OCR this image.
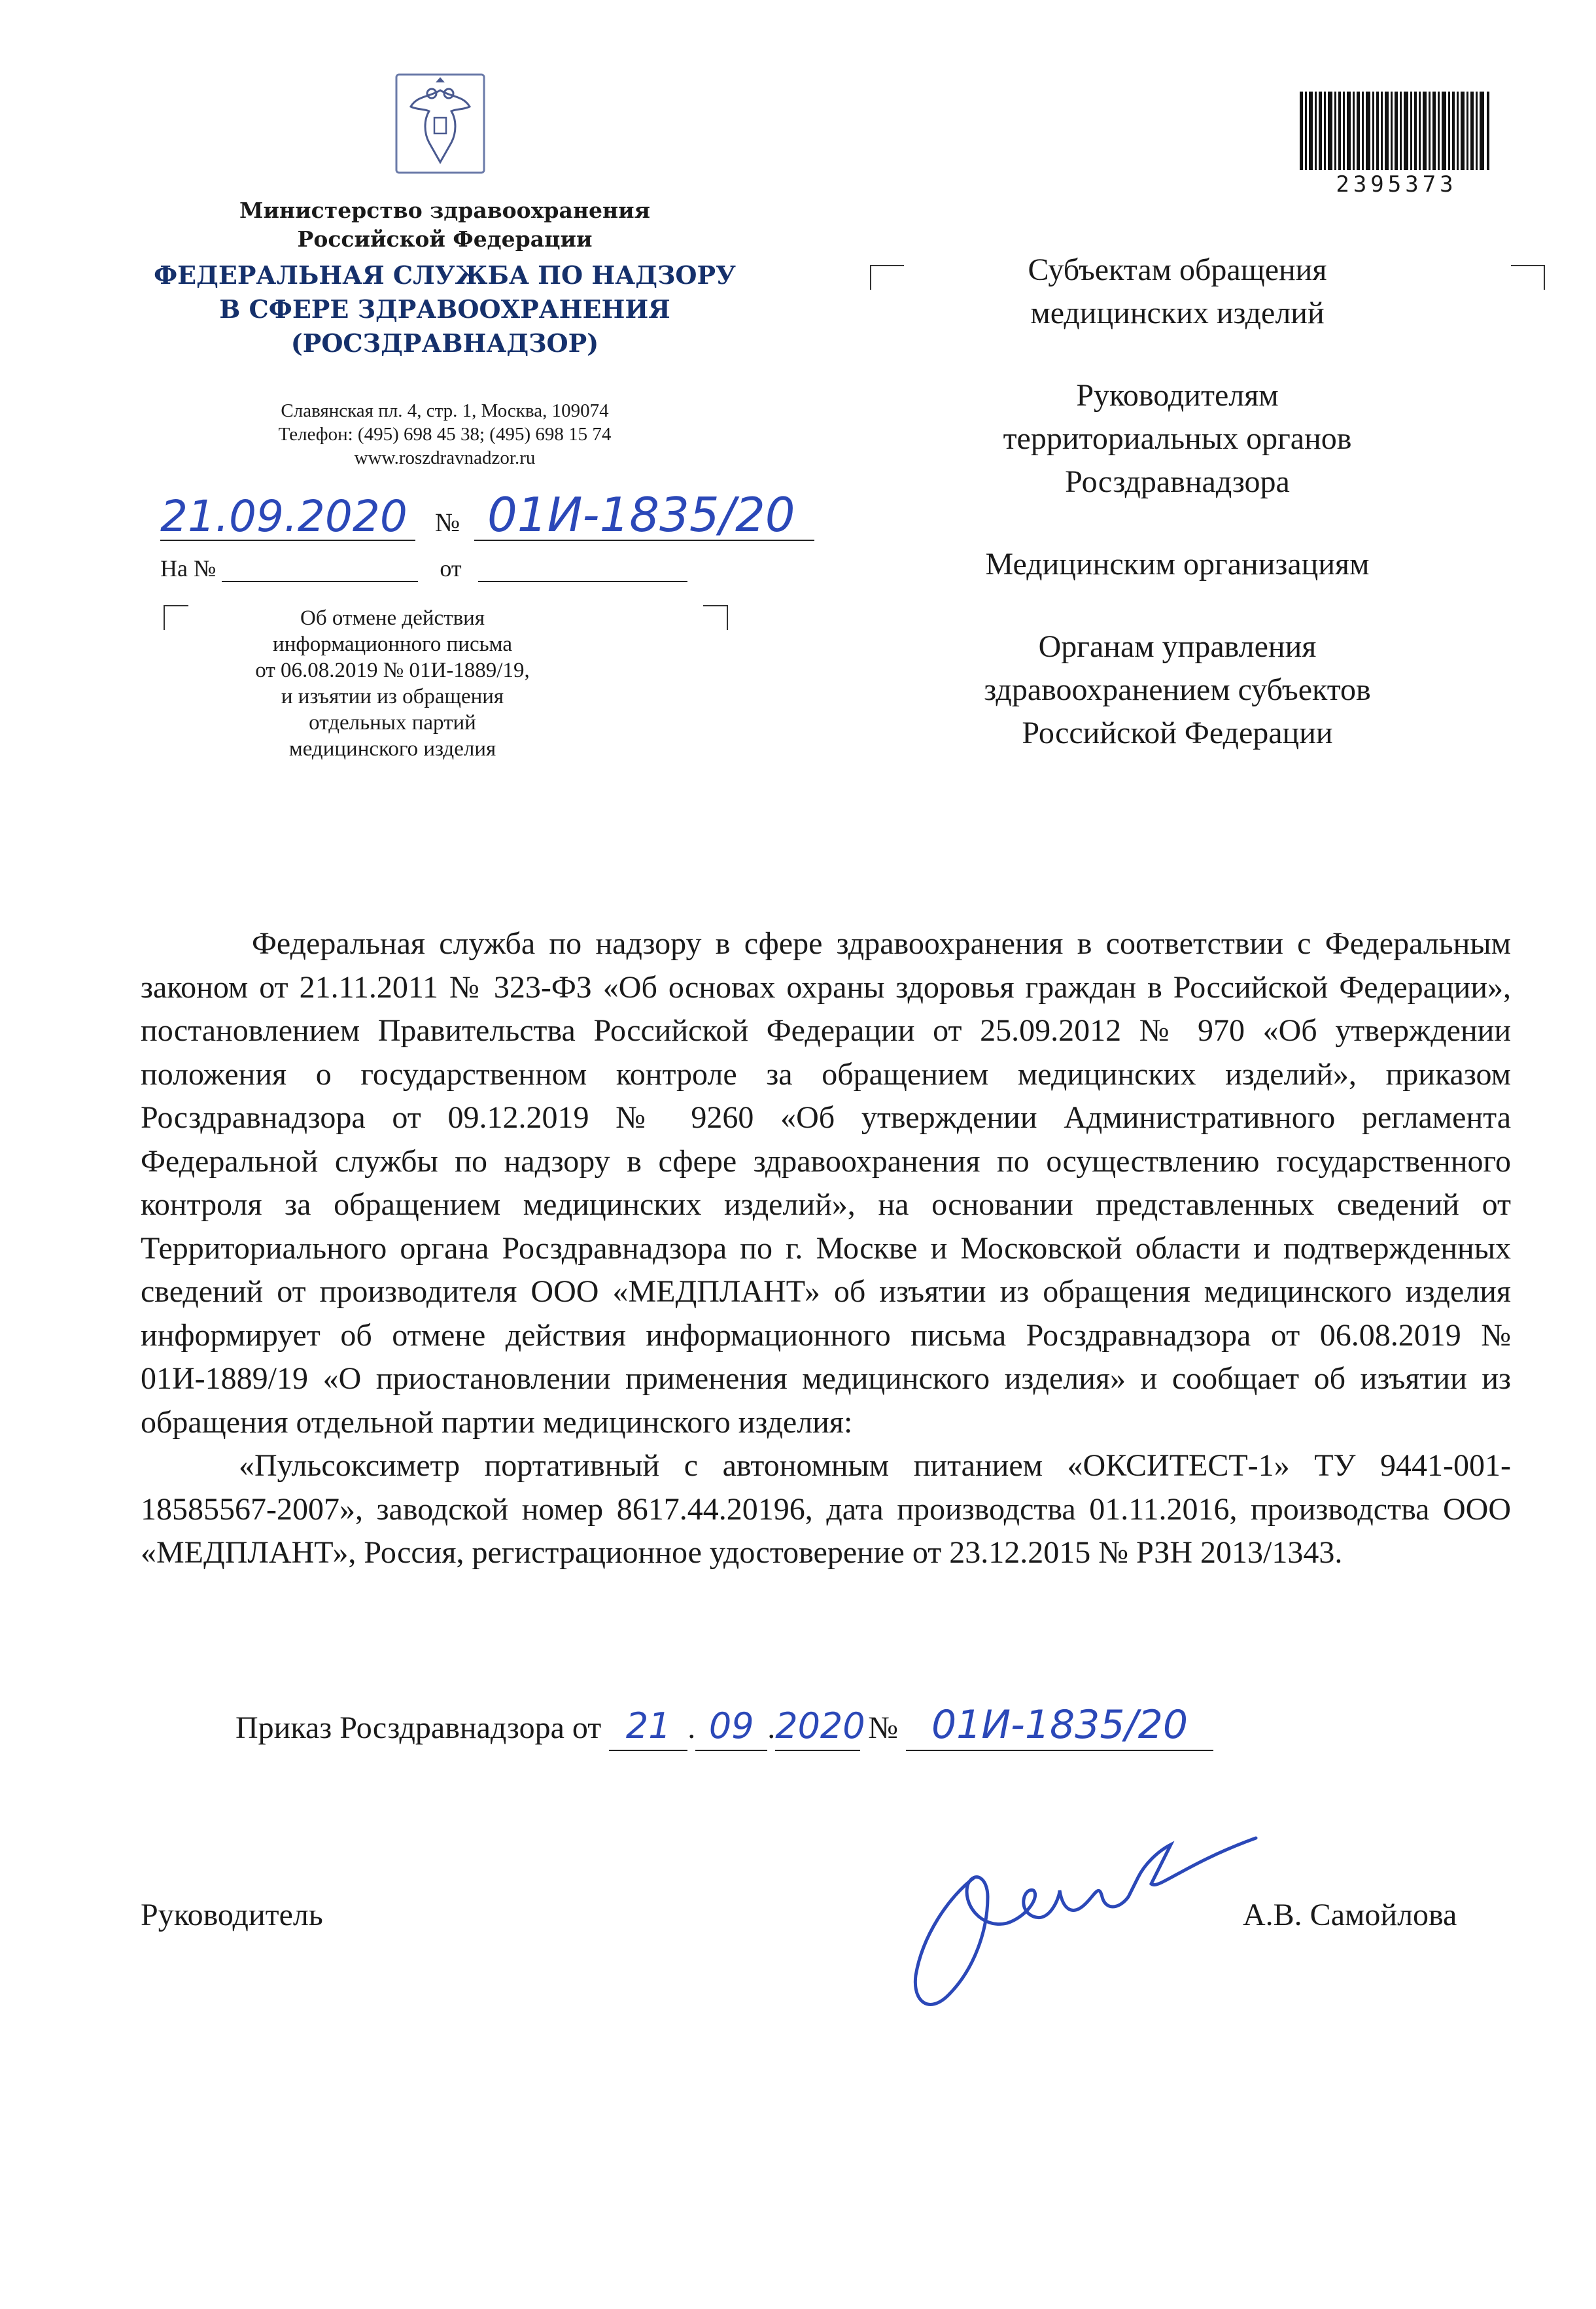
2395373
Министерство здравоохранения
Российской Федерации
ФЕДЕРАЛЬНАЯ СЛУЖБА ПО НАДЗОРУ
В СФЕРЕ ЗДРАВООХРАНЕНИЯ
(РОСЗДРАВНАДЗОР)
Славянская пл. 4, стр. 1, Москва, 109074
Телефон: (495) 698 45 38; (495) 698 15 74
www.roszdravnadzor.ru
21.09.2020 № 01И-1835/20
На №	от
Об отмене действия
информационного письма
от 06.08.2019 № 01И-1889/19,
и изъятии из обращения
отдельных партий
медицинского изделия

Субъектам обращения
медицинских изделий

Руководителям
территориальных органов
Росздравнадзора

Медицинским организациям

Органам управления
здравоохранением субъектов
Российской Федерации

Федеральная служба по надзору в сфере здравоохранения в соответствии с Федеральным законом от 21.11.2011 № 323-ФЗ «Об основах охраны здоровья граждан в Российской Федерации», постановлением Правительства Российской Федерации от 25.09.2012 № 970 «Об утверждении положения о государственном контроле за обращением медицинских изделий», приказом Росздравнадзора от 09.12.2019 № 9260 «Об утверждении Административного регламента Федеральной службы по надзору в сфере здравоохранения по осуществлению государственного контроля за обращением медицинских изделий», на основании представленных сведений от Территориального органа Росздравнадзора по г. Москве и Московской области и подтвержденных сведений от производителя ООО «МЕДПЛАНТ» об изъятии из обращения медицинского изделия информирует об отмене действия информационного письма Росздравнадзора от 06.08.2019 № 01И-1889/19 «О приостановлении применения медицинского изделия» и сообщает об изъятии из обращения отдельной партии медицинского изделия:

«Пульсоксиметр портативный с автономным питанием «ОКСИТЕСТ-1» ТУ 9441-001-18585567-2007», заводской номер 8617.44.20196, дата производства 01.11.2016, производства ООО «МЕДПЛАНТ», Россия, регистрационное удостоверение от 23.12.2015 № РЗН 2013/1343.

Приказ Росздравнадзора от 21 . 09 .2020 № 01И-1835/20
Руководитель	А.В. Самойлова
